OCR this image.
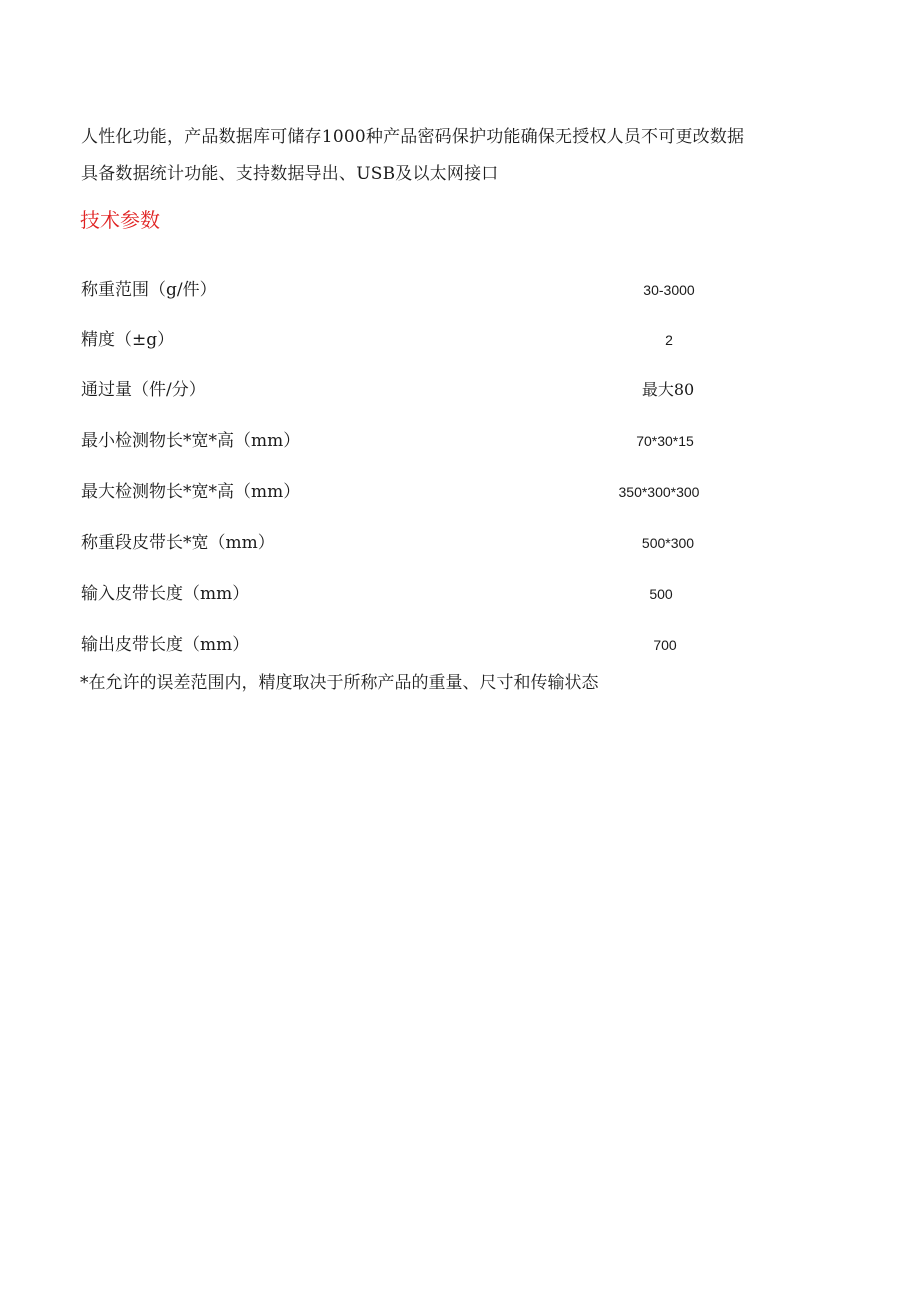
人性化功能，产品数据库可储存1000种产品密码保护功能确保无授权人员不可更改数据
具备数据统计功能、支持数据导出、USB及以太网接口
技术参数
称重范围（g/件）	30-3000
精度（±g）	2
通过量（件/分）	最大80
最小检测物长*宽*高（mm）	70*30*15
最大检测物长*宽*高（mm）	350*300*300
称重段皮带长*宽（mm）	500*300
输入皮带长度（mm）	500
输出皮带长度（mm）	700
*在允许的误差范围内，精度取决于所称产品的重量、尺寸和传输状态
